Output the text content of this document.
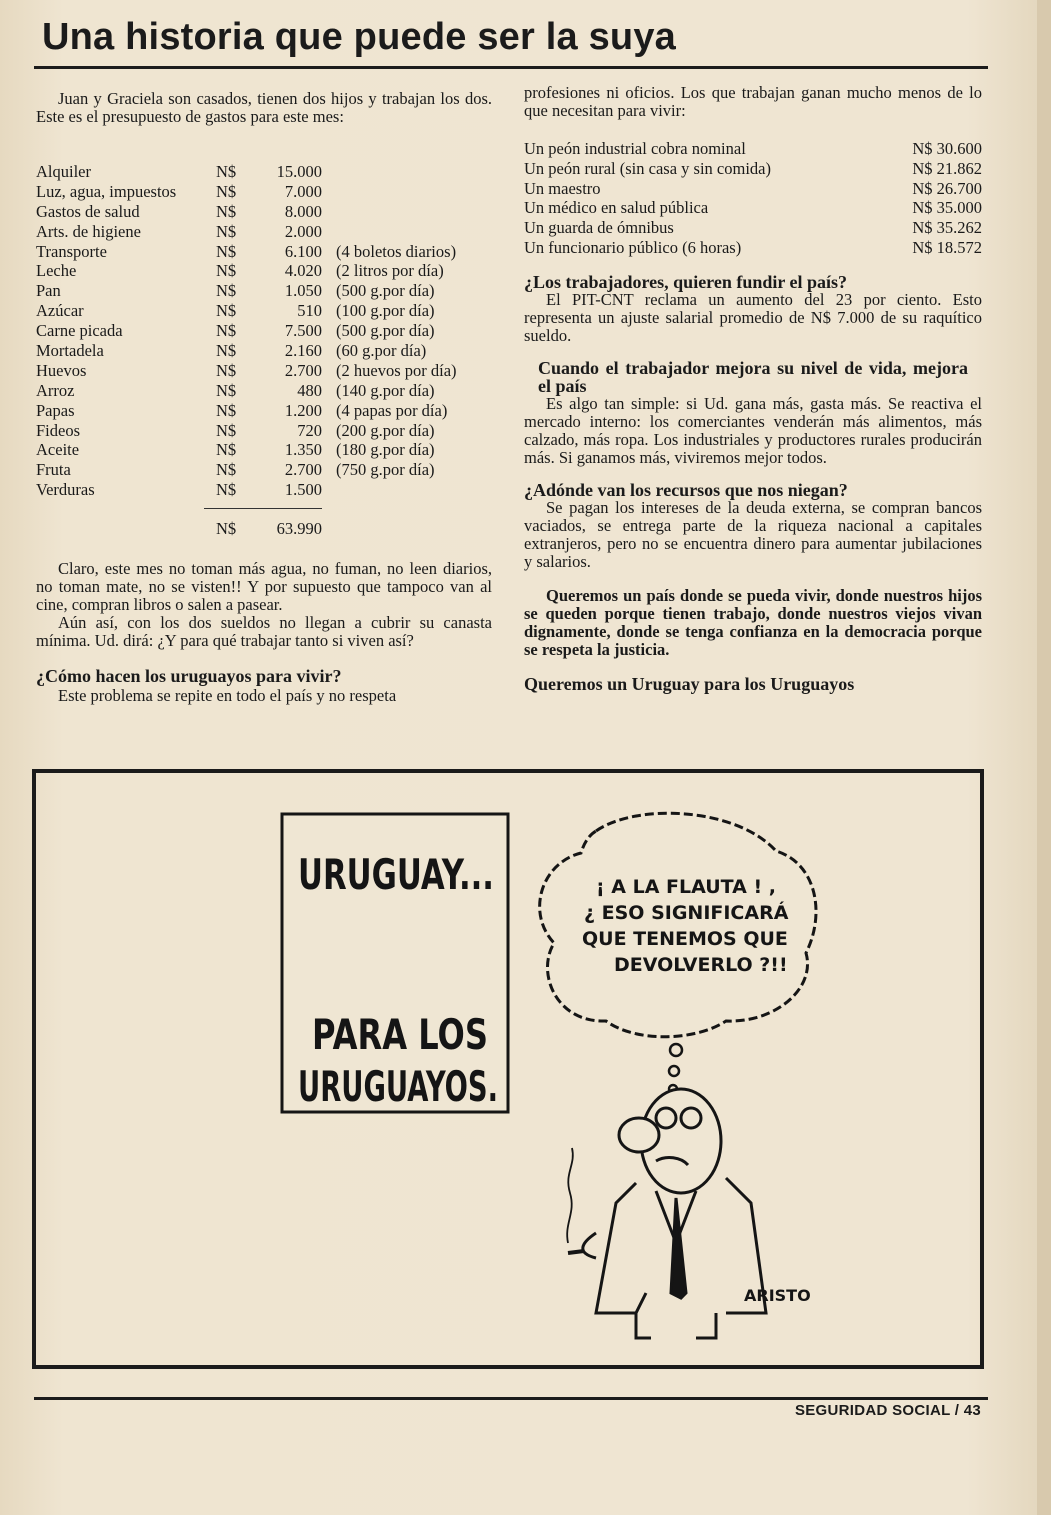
Una historia que puede ser la suya

Juan y Graciela son casados, tienen dos hijos y trabajan los dos. Este es el presupuesto de gastos para este mes:

Alquiler	N$	15.000
Luz, agua, impuestos N$	7.000
Gastos de salud	N$	8.000
Arts. de higiene	N$	2.000
Transporte	N$	6.100 (4 boletos diarios)
Leche	N$	4.020 (2 litros por día)
Pan	N$	1.050 (500 g.por día)
Azúcar	N$	510 (100 g.por día)
Carne picada	N$	7.500 (500 g.por día)
Mortadela	N$	2.160 (60 g.por día)
Huevos	N$	2.700 (2 huevos por día)
Arroz	N$	480 (140 g.por día)
Papas	N$	1.200 (4 papas por día)
Fideos	N$	720 (200 g.por día)
Aceite	N$	1.350 (180 g.por día)
Fruta	N$	2.700 (750 g.por día)
Verduras	N$	1.500
N$	63.990

Claro, este mes no toman más agua, no fuman, no leen diarios, no toman mate, no se visten!! Y por supuesto que tampoco van al cine, compran libros o salen a pasear.

Aún así, con los dos sueldos no llegan a cubrir su canasta mínima. Ud. dirá: ¿Y para qué trabajar tanto si viven así?

¿Cómo hacen los uruguayos para vivir?

Este problema se repite en todo el país y no respeta

profesiones ni oficios. Los que trabajan ganan mucho menos de lo que necesitan para vivir:

Un peón industrial cobra nominal	N$ 30.600
Un peón rural (sin casa y sin comida)	N$ 21.862
Un maestro	N$ 26.700
Un médico en salud pública	N$ 35.000
Un guarda de ómnibus	N$ 35.262
Un funcionario público (6 horas)	N$ 18.572

¿Los trabajadores, quieren fundir el país?

El PIT-CNT reclama un aumento del 23 por ciento. Esto representa un ajuste salarial promedio de N$ 7.000 de su raquítico sueldo.

Cuando el trabajador mejora su nivel de vida, mejora el país

Es algo tan simple: si Ud. gana más, gasta más. Se reactiva el mercado interno: los comerciantes venderán más alimentos, más calzado, más ropa. Los industriales y productores rurales producirán más. Si ganamos más, viviremos mejor todos.

¿Adónde van los recursos que nos niegan?

Se pagan los intereses de la deuda externa, se compran bancos vaciados, se entrega parte de la riqueza nacional a capitales extranjeros, pero no se encuentra dinero para aumentar jubilaciones y salarios.

Queremos un país donde se pueda vivir, donde nuestros hijos se queden porque tienen trabajo, donde nuestros viejos vivan dignamente, donde se tenga confianza en la democracia porque se respeta la justicia.

Queremos un Uruguay para los Uruguayos

URUGUAY...
PARA LOS
URUGUAYOS.
¡ A LA FLAUTA ! ,
¿ ESO SIGNIFICARÁ
QUE TENEMOS QUE
DEVOLVERLO ?!!
ARISTO
SEGURIDAD SOCIAL / 43
